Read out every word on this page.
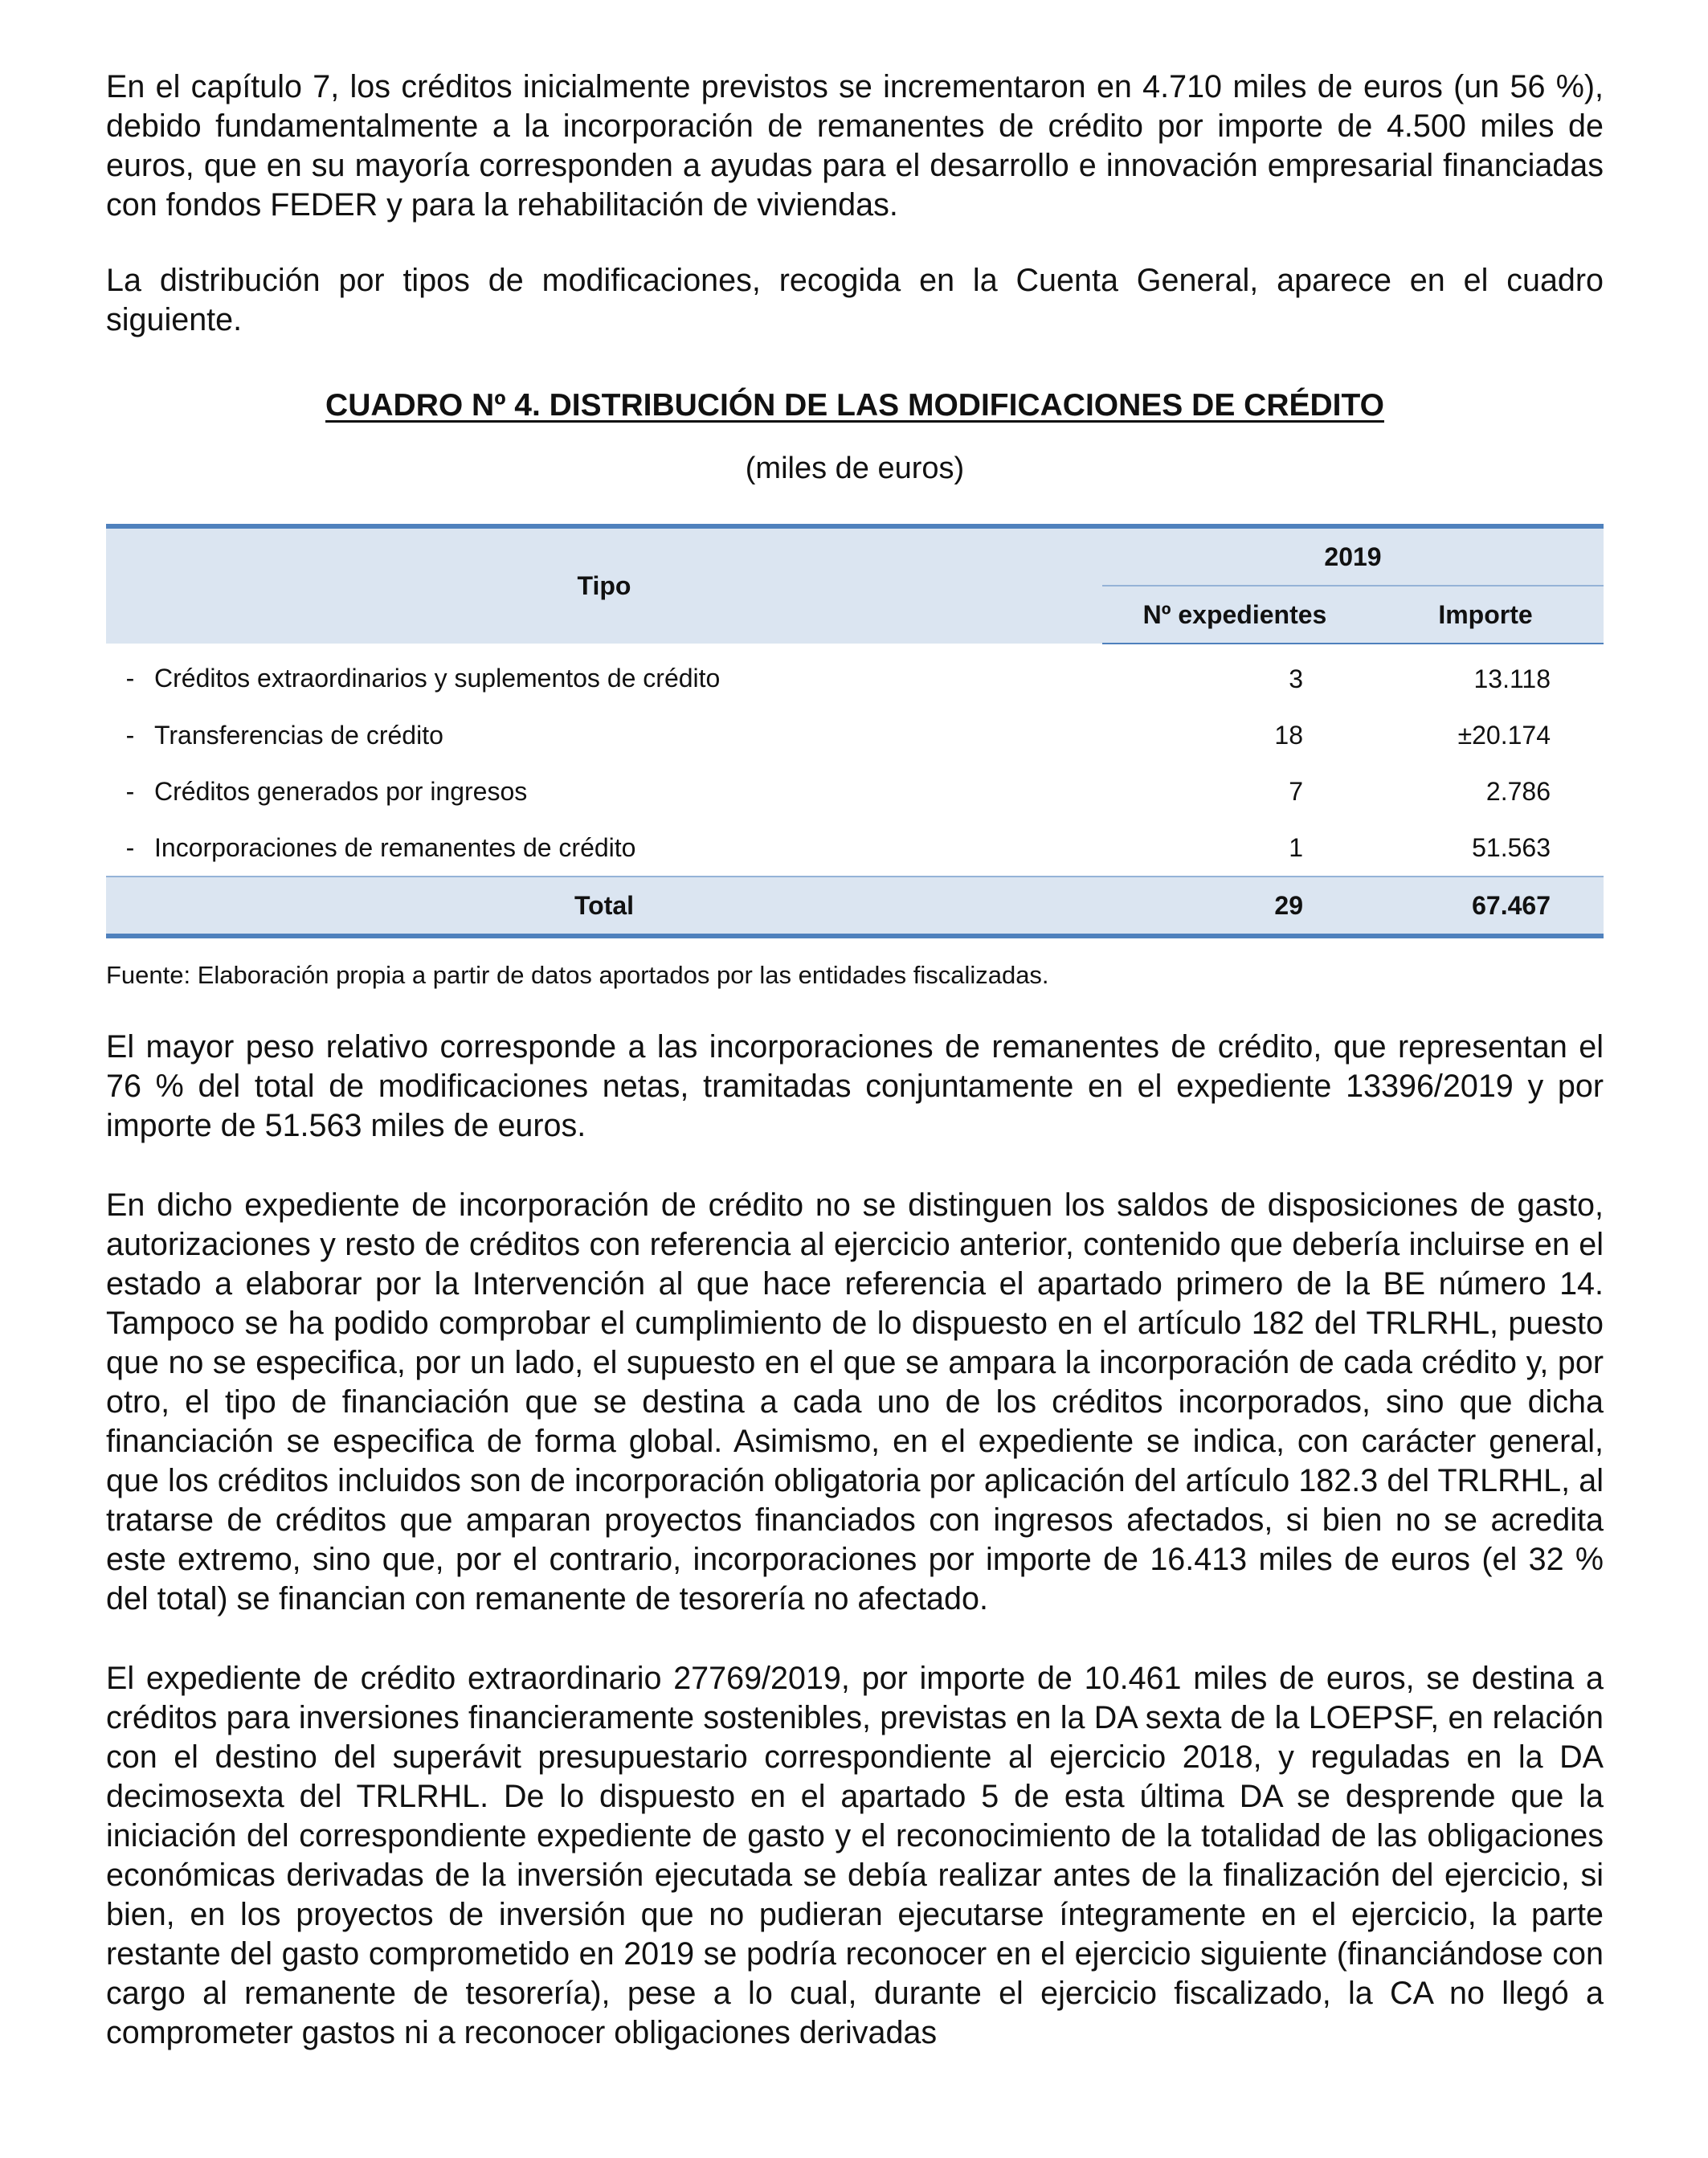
En el capítulo 7, los créditos inicialmente previstos se incrementaron en 4.710 miles de euros (un 56 %), debido fundamentalmente a la incorporación de remanentes de crédito por importe de 4.500 miles de euros, que en su mayoría corresponden a ayudas para el desarrollo e innovación empresarial financiadas con fondos FEDER y para la rehabilitación de viviendas.

La distribución por tipos de modificaciones, recogida en la Cuenta General, aparece en el cuadro siguiente.

CUADRO Nº 4. DISTRIBUCIÓN DE LAS MODIFICACIONES DE CRÉDITO
(miles de euros)
Tipo		2019	
		Nº expedientes	Importe
-	Créditos extraordinarios y suplementos de crédito	3	13.118
-	Transferencias de crédito	18	±20.174
-	Créditos generados por ingresos	7	2.786
-	Incorporaciones de remanentes de crédito	1	51.563
Total		29	67.467

Fuente: Elaboración propia a partir de datos aportados por las entidades fiscalizadas.

El mayor peso relativo corresponde a las incorporaciones de remanentes de crédito, que representan el 76 % del total de modificaciones netas, tramitadas conjuntamente en el expediente 13396/2019 y por importe de 51.563 miles de euros.

En dicho expediente de incorporación de crédito no se distinguen los saldos de disposiciones de gasto, autorizaciones y resto de créditos con referencia al ejercicio anterior, contenido que debería incluirse en el estado a elaborar por la Intervención al que hace referencia el apartado primero de la BE número 14. Tampoco se ha podido comprobar el cumplimiento de lo dispuesto en el artículo 182 del TRLRHL, puesto que no se especifica, por un lado, el supuesto en el que se ampara la incorporación de cada crédito y, por otro, el tipo de financiación que se destina a cada uno de los créditos incorporados, sino que dicha financiación se especifica de forma global. Asimismo, en el expediente se indica, con carácter general, que los créditos incluidos son de incorporación obligatoria por aplicación del artículo 182.3 del TRLRHL, al tratarse de créditos que amparan proyectos financiados con ingresos afectados, si bien no se acredita este extremo, sino que, por el contrario, incorporaciones por importe de 16.413 miles de euros (el 32 % del total) se financian con remanente de tesorería no afectado.

El expediente de crédito extraordinario 27769/2019, por importe de 10.461 miles de euros, se destina a créditos para inversiones financieramente sostenibles, previstas en la DA sexta de la LOEPSF, en relación con el destino del superávit presupuestario correspondiente al ejercicio 2018, y reguladas en la DA decimosexta del TRLRHL. De lo dispuesto en el apartado 5 de esta última DA se desprende que la iniciación del correspondiente expediente de gasto y el reconocimiento de la totalidad de las obligaciones económicas derivadas de la inversión ejecutada se debía realizar antes de la finalización del ejercicio, si bien, en los proyectos de inversión que no pudieran ejecutarse íntegramente en el ejercicio, la parte restante del gasto comprometido en 2019 se podría reconocer en el ejercicio siguiente (financiándose con cargo al remanente de tesorería), pese a lo cual, durante el ejercicio fiscalizado, la CA no llegó a comprometer gastos ni a reconocer obligaciones derivadas
